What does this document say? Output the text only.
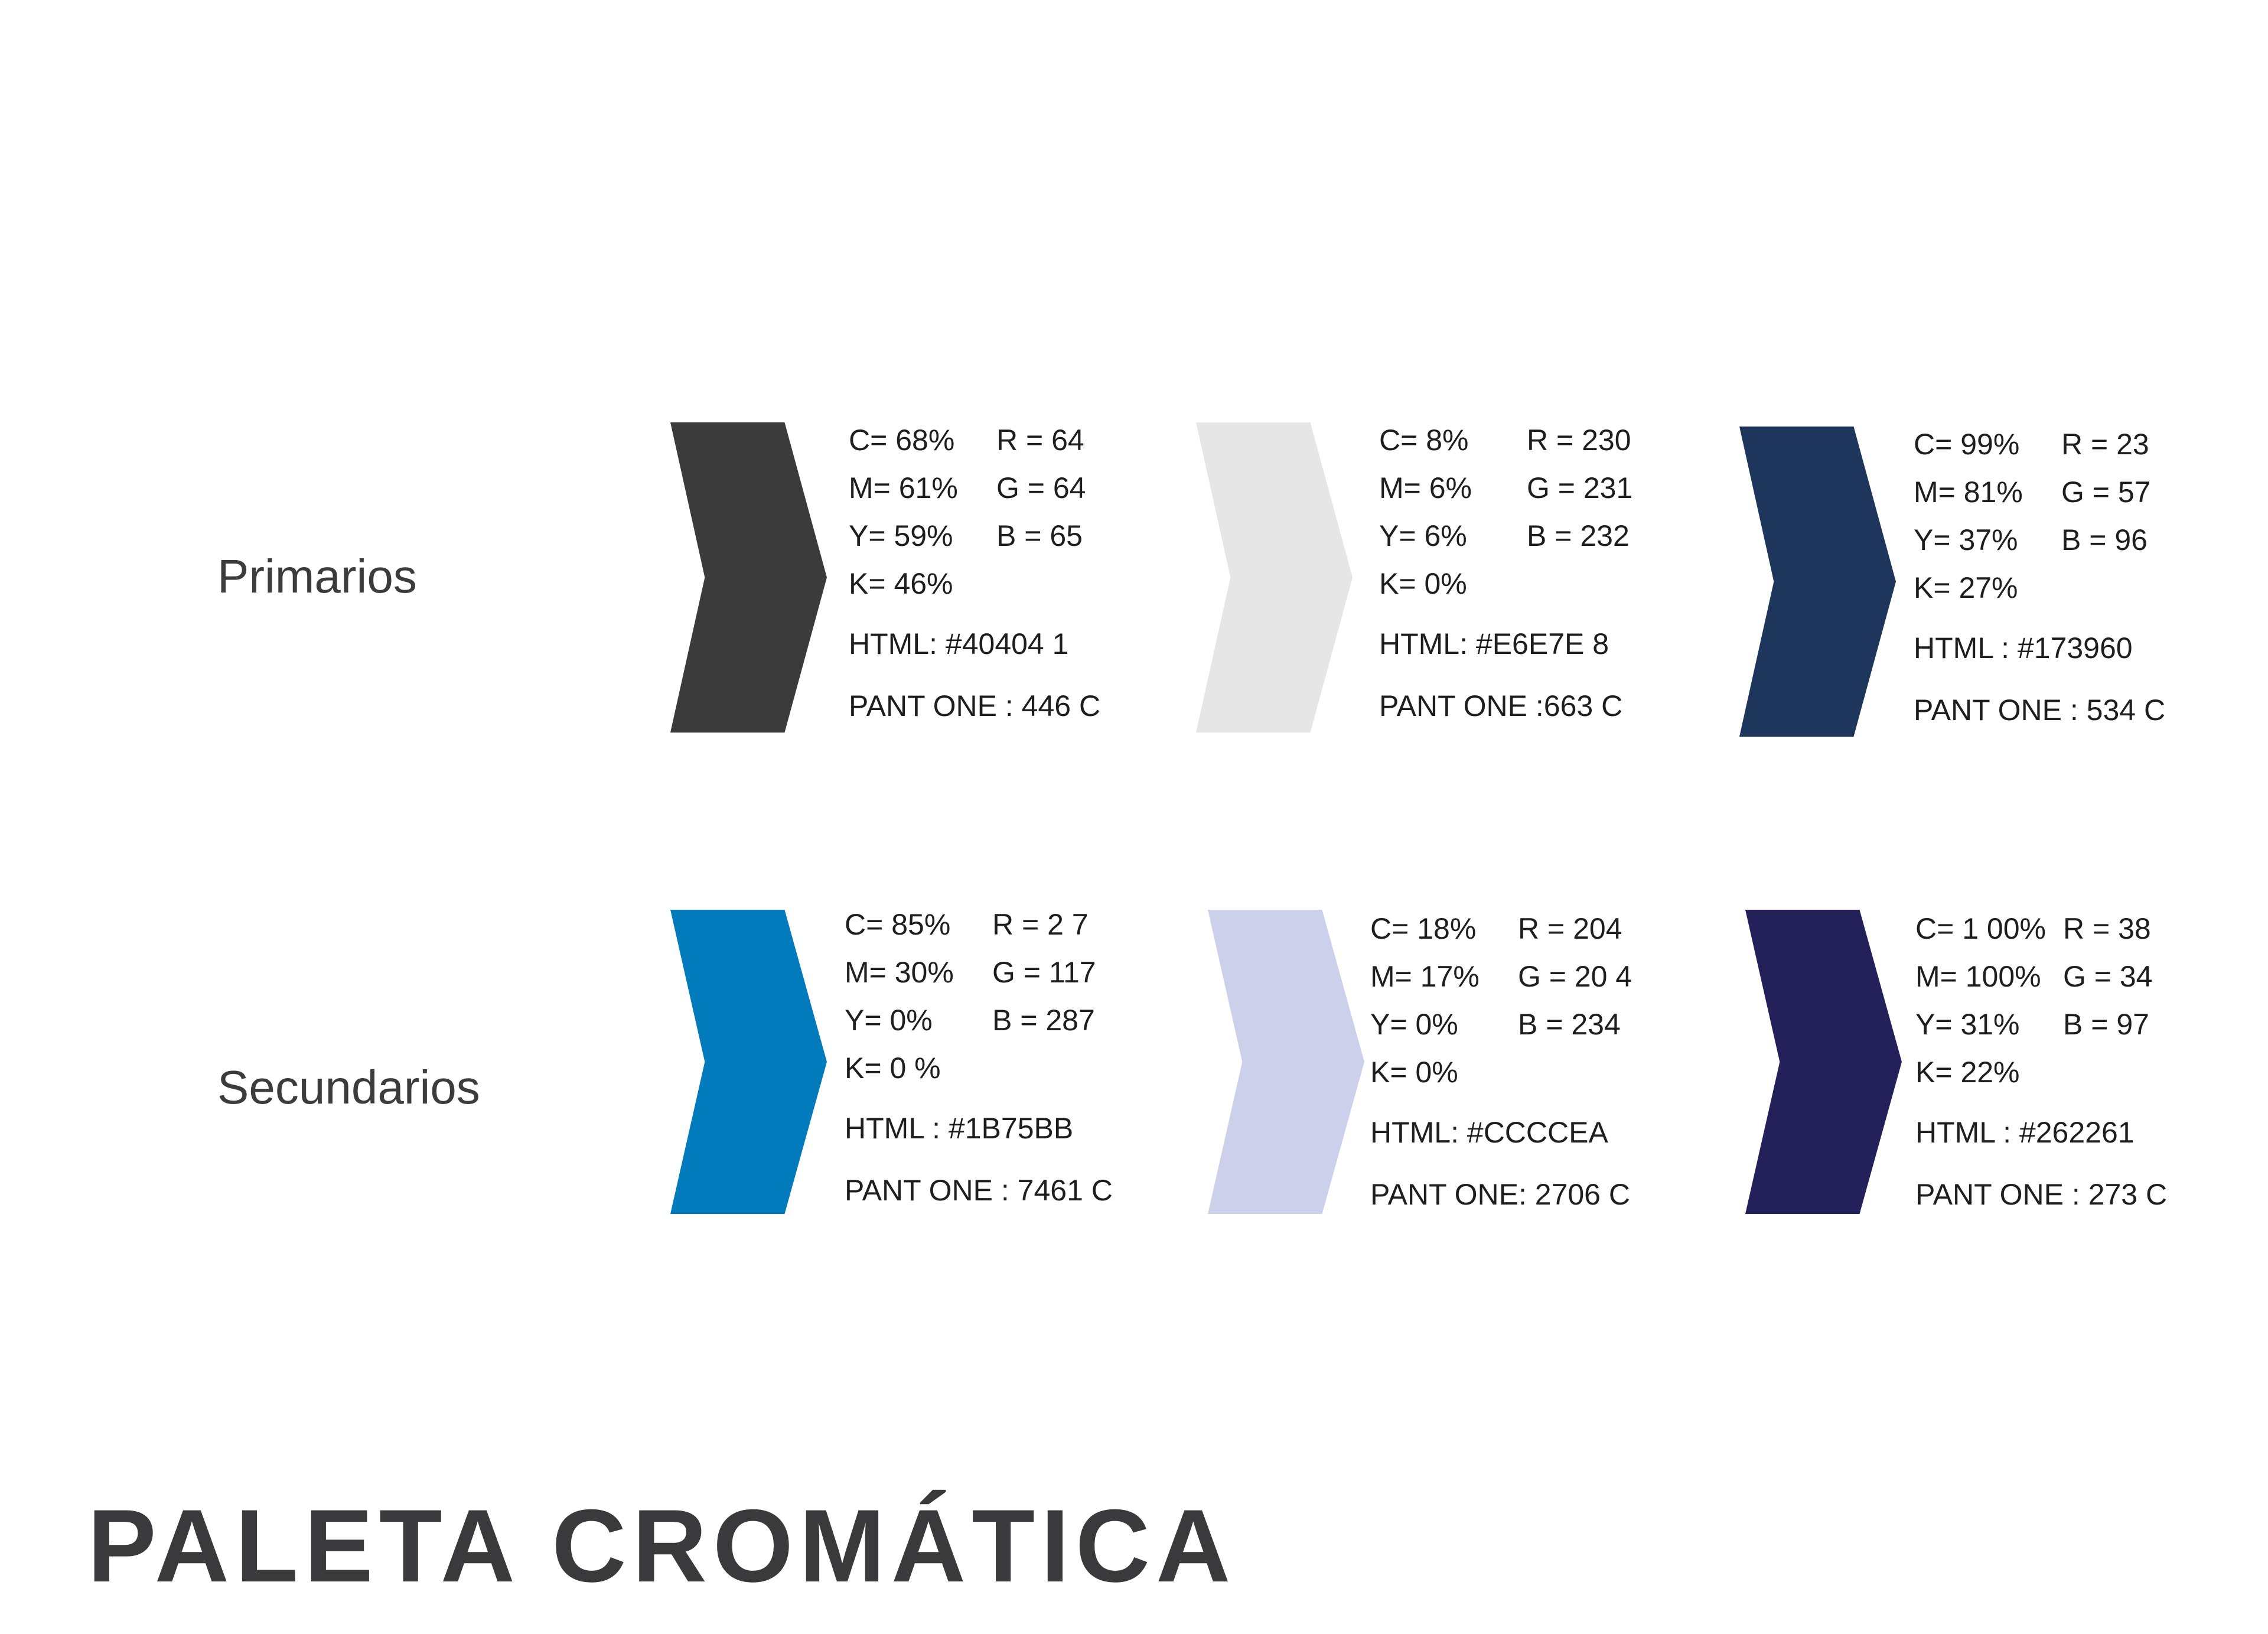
Primarios
Secundarios
C= 68%
M= 61%
Y= 59%
K= 46%
R = 64
G = 64
B = 65
HTML: #40404 1
PANT ONE : 446 C
C= 8%
M= 6%
Y= 6%
K= 0%
R = 230
G = 231
B = 232
HTML: #E6E7E 8
PANT ONE :663 C
C= 99%
M= 81%
Y= 37%
K= 27%
R = 23
G = 57
B = 96
HTML : #173960
PANT ONE : 534 C
C= 85%
M= 30%
Y= 0%
K= 0 %
R = 2 7
G = 117
B = 287
HTML : #1B75BB
PANT ONE : 7461 C
C= 18%
M= 17%
Y= 0%
K= 0%
R = 204
G = 20 4
B = 234
HTML: #CCCCEA
PANT ONE: 2706 C
C= 1 00%
M= 100%
Y= 31%
K= 22%
R = 38
G = 34
B = 97
HTML : #262261
PANT ONE : 273 C
PALETA CROMÁTICA
